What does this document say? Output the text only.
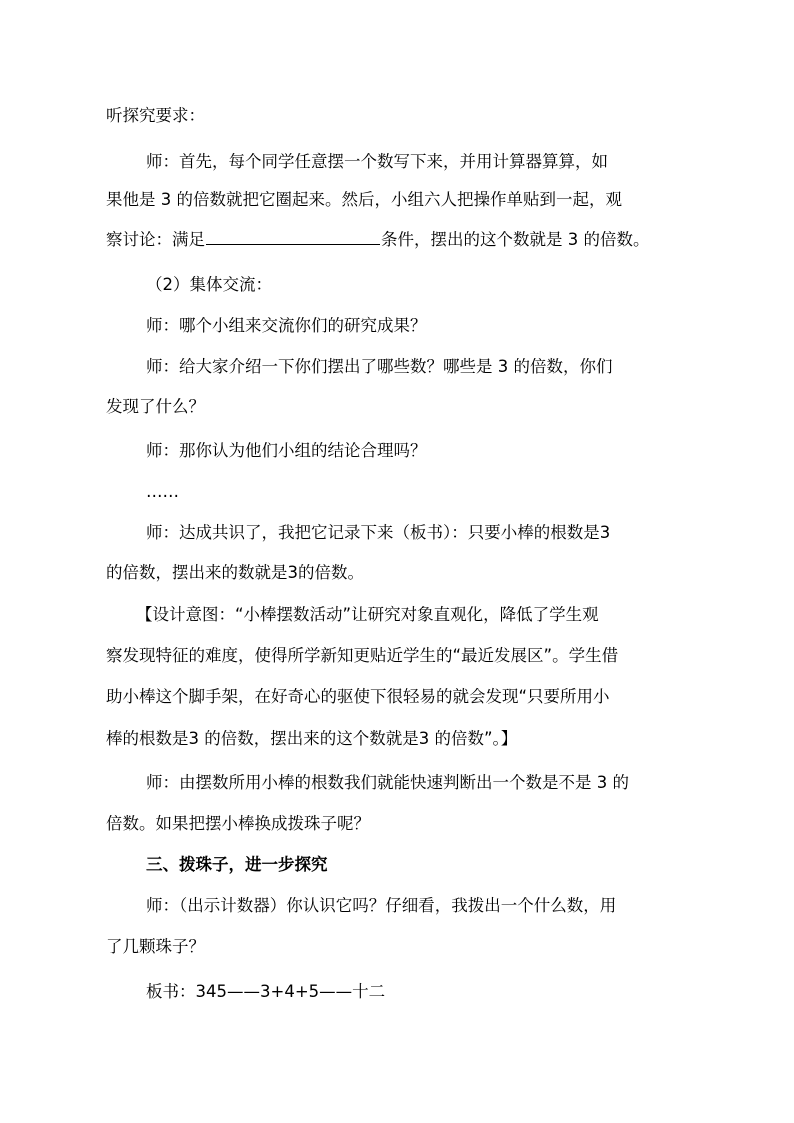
听探究要求：
师：首先，每个同学任意摆一个数写下来，并用计算器算算，如
果他是 3 的倍数就把它圈起来。然后，小组六人把操作单贴到一起，观
察讨论：满足	条件，摆出的这个数就是 3 的倍数。
（2）集体交流：
师：哪个小组来交流你们的研究成果？
师：给大家介绍一下你们摆出了哪些数？哪些是 3 的倍数，你们
发现了什么？
师：那你认为他们小组的结论合理吗？
……
师：达成共识了，我把它记录下来（板书）：只要小棒的根数是3
的倍数，摆出来的数就是3的倍数。
【设计意图：“小棒摆数活动”让研究对象直观化，降低了学生观
察发现特征的难度，使得所学新知更贴近学生的“最近发展区”。学生借
助小棒这个脚手架，在好奇心的驱使下很轻易的就会发现“只要所用小
棒的根数是3 的倍数，摆出来的这个数就是3 的倍数”。】
师：由摆数所用小棒的根数我们就能快速判断出一个数是不是 3 的
倍数。如果把摆小棒换成拨珠子呢？
三、拨珠子，进一步探究
师：（出示计数器）你认识它吗？仔细看，我拨出一个什么数，用
了几颗珠子？
板书：345——3+4+5——十二
